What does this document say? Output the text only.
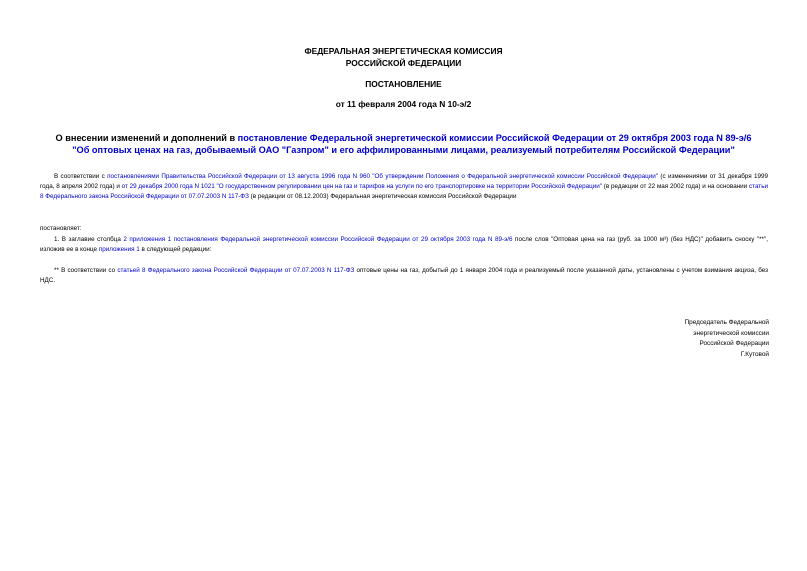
ФЕДЕРАЛЬНАЯ ЭНЕРГЕТИЧЕСКАЯ КОМИССИЯ
РОССИЙСКОЙ ФЕДЕРАЦИИ
ПОСТАНОВЛЕНИЕ
от 11 февраля 2004 года N 10-э/2
О внесении изменений и дополнений в постановление Федеральной энергетической комиссии Российской Федерации от 29 октября 2003 года N 89-э/6 "Об оптовых ценах на газ, добываемый ОАО "Газпром" и его аффилированными лицами, реализуемый потребителям Российской Федерации"

В соответствии с постановлениями Правительства Российской Федерации от 13 августа 1996 года N 960 "Об утверждении Положения о Федеральной энергетической комиссии Российской Федерации" (с изменениями от 31 декабря 1999 года, 8 апреля 2002 года) и от 29 декабря 2000 года N 1021 "О государственном регулировании цен на газ и тарифов на услуги по его транспортировке на территории Российской Федерации" (в редакции от 22 мая 2002 года) и на основании статьи 8 Федерального закона Российской Федерации от 07.07.2003 N 117-ФЗ (в редакции от 08.12.2003) Федеральная энергетическая комиссия Российской Федерации

постановляет:

1. В заглавие столбца 2 приложения 1 постановления Федеральной энергетической комиссии Российской Федерации от 29 октября 2003 года N 89-э/6 после слов "Оптовая цена на газ (руб. за 1000 м³) (без НДС)" добавить сноску "**", изложив ее в конце приложения 1 в следующей редакции:

** В соответствии со статьей 8 Федерального закона Российской Федерации от 07.07.2003 N 117-ФЗ оптовые цены на газ, добытый до 1 января 2004 года и реализуемый после указанной даты, установлены с учетом взимания акциза, без НДС.

Председатель Федеральной
энергетической комиссии
Российской Федерации
Г.Кутовой
